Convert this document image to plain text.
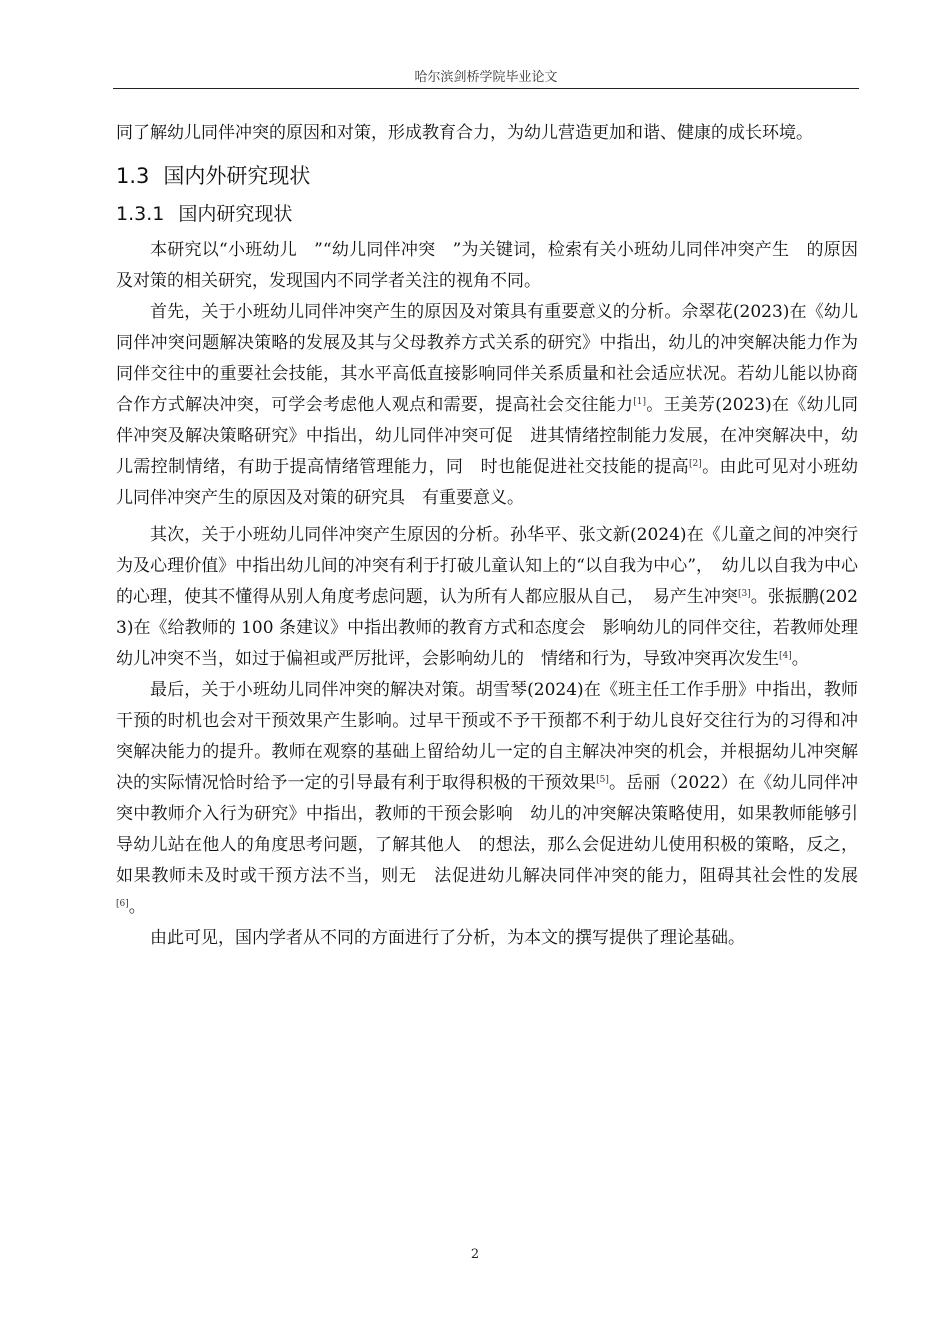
哈尔滨剑桥学院毕业论文

同了解幼儿同伴冲突的原因和对策，形成教育合力，为幼儿营造更加和谐、健康的成长环境。

1.3 国内外研究现状
1.3.1 国内研究现状

本研究以“小班幼儿　”“幼儿同伴冲突　”为关键词，检索有关小班幼儿同伴冲突产生　的原因及对策的相关研究，发现国内不同学者关注的视角不同。

首先，关于小班幼儿同伴冲突产生的原因及对策具有重要意义的分析。佘翠花(2023)在《幼儿同伴冲突问题解决策略的发展及其与父母教养方式关系的研究》中指出，幼儿的冲突解决能力作为同伴交往中的重要社会技能，其水平高低直接影响同伴关系质量和社会适应状况。若幼儿能以协商合作方式解决冲突，可学会考虑他人观点和需要，提高社会交往能力[1]。王美芳(2023)在《幼儿同伴冲突及解决策略研究》中指出，幼儿同伴冲突可促　进其情绪控制能力发展，在冲突解决中，幼儿需控制情绪，有助于提高情绪管理能力，同　时也能促进社交技能的提高[2]。由此可见对小班幼儿同伴冲突产生的原因及对策的研究具　有重要意义。

其次，关于小班幼儿同伴冲突产生原因的分析。孙华平、张文新(2024)在《儿童之间的冲突行为及心理价值》中指出幼儿间的冲突有利于打破儿童认知上的“以自我为中心”，　幼儿以自我为中心的心理，使其不懂得从别人角度考虑问题，认为所有人都应服从自己，　易产生冲突[3]。张振鹏(2023)在《给教师的 100 条建议》中指出教师的教育方式和态度会　影响幼儿的同伴交往，若教师处理幼儿冲突不当，如过于偏袒或严厉批评，会影响幼儿的　情绪和行为，导致冲突再次发生[4]。

最后，关于小班幼儿同伴冲突的解决对策。胡雪琴(2024)在《班主任工作手册》中指出，教师干预的时机也会对干预效果产生影响。过早干预或不予干预都不利于幼儿良好交往行为的习得和冲突解决能力的提升。教师在观察的基础上留给幼儿一定的自主解决冲突的机会，并根据幼儿冲突解决的实际情况恰时给予一定的引导最有利于取得积极的干预效果[5]。岳丽（2022）在《幼儿同伴冲突中教师介入行为研究》中指出，教师的干预会影响　幼儿的冲突解决策略使用，如果教师能够引导幼儿站在他人的角度思考问题，了解其他人　的想法，那么会促进幼儿使用积极的策略，反之，如果教师未及时或干预方法不当，则无　法促进幼儿解决同伴冲突的能力，阻碍其社会性的发展[6]。

由此可见，国内学者从不同的方面进行了分析，为本文的撰写提供了理论基础。

2
